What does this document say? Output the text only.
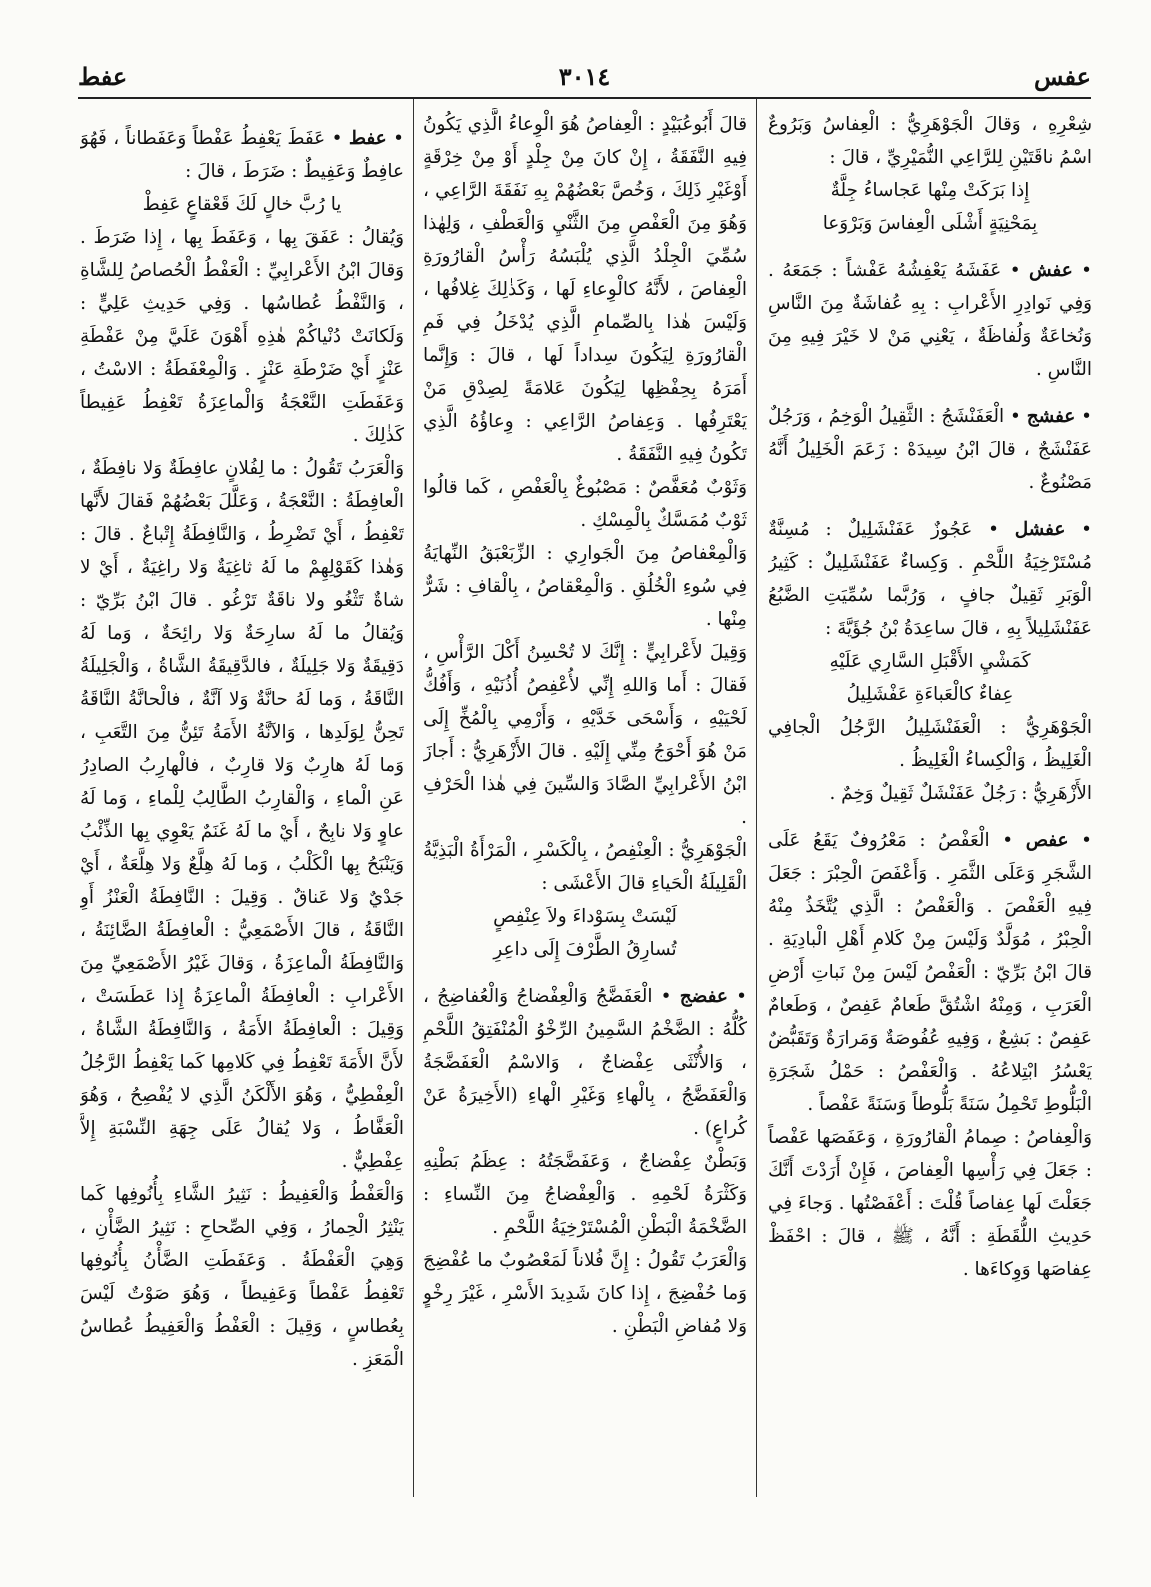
عفس
٣٠١٤
عفط

شِعْرِهِ ، وَقالَ الْجَوْهَرِيُّ : الْعِفاسُ وَبَرُوعٌ اسْمُ ناقَتَيْنِ لِلرَّاعِي النُّمَيْرِيِّ ، قالَ :

إِذا بَرَكَتْ مِنْها عَجاساءُ جِلَّةٌ

بِمَحْنِيَةٍ أَشْلَى الْعِفاسَ وَبَرْوَعا

• عفش • عَفَشَهُ يَعْفِشُهُ عَفْشاً : جَمَعَهُ . وَفِي نَوادِرِ الأَعْرابِ : بِهِ عُفاشَةٌ مِنَ النَّاسِ وَنُخاعَةٌ وَلُفاظَةٌ ، يَعْنِي مَنْ لا خَيْرَ فِيهِ مِنَ النَّاسِ .

• عفشج • الْعَفَنْشَجُ : الثَّقِيلُ الْوَخِمُ ، وَرَجُلٌ عَفَنْشَجٌ ، قالَ ابْنُ سِيدَهْ : زَعَمَ الْخَلِيلُ أَنَّهُ مَصْنُوعٌ .

• عفشل • عَجُوزٌ عَفَنْشَلِيلٌ : مُسِنَّةٌ مُسْتَرْخِيَةُ اللَّحْمِ . وَكِساءٌ عَفَنْشَلِيلٌ : كَثِيرُ الْوَبَرِ ثَقِيلٌ جافٍ ، وَرُبَّما سُمِّيَتِ الضَّبُعُ عَفَنْشَلِيلاً بِهِ ، قالَ ساعِدَةُ بْنُ جُؤَيَّةَ :

كَمَشْيِ الأَقْبَلِ السَّارِي عَلَيْهِ

عِفاءٌ كالْعَباءَةِ عَفْشَلِيلُ

الْجَوْهَرِيُّ : الْعَفَنْشَلِيلُ الرَّجُلُ الْجافِي الْغَلِيظُ ، وَالْكِساءُ الْغَلِيظُ .

الأَزْهَرِيُّ : رَجُلٌ عَفَنْشَلٌ ثَقِيلٌ وَخِمٌ .

• عفص • الْعَفْصُ : مَعْرُوفٌ يَقَعُ عَلَى الشَّجَرِ وَعَلَى الثَّمَرِ . وَأَعْفَصَ الْحِبْرَ : جَعَلَ فِيهِ الْعَفْصَ . وَالْعَفْصُ : الَّذِي يُتَّخَذُ مِنْهُ الْحِبْرُ ، مُوَلَّدٌ وَلَيْسَ مِنْ كَلامِ أَهْلِ الْبادِيَةِ . قالَ ابْنُ بَرِّيّ : الْعَفْصُ لَيْسَ مِنْ نَباتِ أَرْضِ الْعَرَبِ ، وَمِنْهُ اشْتُقَّ طَعامٌ عَفِصٌ ، وَطَعامٌ عَفِصٌ : بَشِعٌ ، وَفِيهِ عُفُوصَةٌ وَمَرارَةٌ وَتَقَبُّضٌ يَعْسُرُ ابْتِلاعُهُ . وَالْعَفْصُ : حَمْلُ شَجَرَةِ الْبَلُّوطِ تَحْمِلُ سَنَةً بَلُّوطاً وَسَنَةً عَفْصاً .

وَالْعِفاصُ : صِمامُ الْقارُورَةِ ، وَعَفَصَها عَفْصاً : جَعَلَ فِي رَأْسِها الْعِفاصَ ، فَإِنْ أَرَدْتَ أَنَّكَ جَعَلْتَ لَها عِفاصاً قُلْتَ : أَعْفَصْتُها . وَجاءَ فِي حَدِيثِ اللُّقَطَةِ : أَنَّهُ ، ﷺ ، قالَ : احْفَظْ عِفاصَها وَوِكاءَها .

قالَ أَبُوعُبَيْدٍ : الْعِفاصُ هُوَ الْوِعاءُ الَّذِي يَكُونُ فِيهِ النَّفَقَةُ ، إِنْ كانَ مِنْ جِلْدٍ أَوْ مِنْ خِرْقَةٍ أَوْغَيْرِ ذَلِكَ ، وَخُصَّ بَعْضُهُمْ بِهِ نَفَقَةَ الرَّاعِي ، وَهُوَ مِنَ الْعَفْصِ مِنَ الثَّنْيِ وَالْعَطْفِ ، وَلِهٰذا سُمِّيَ الْجِلْدُ الَّذِي يُلْبَسُهُ رَأْسُ الْقارُورَةِ الْعِفاصَ ، لأَنَّهُ كالْوِعاءِ لَها ، وَكَذٰلِكَ غِلافُها ، وَلَيْسَ هٰذا بِالصِّمامِ الَّذِي يُدْخَلُ فِي فَمِ الْقارُورَةِ لِيَكُونَ سِداداً لَها ، قالَ : وَإِنَّما أَمَرَهُ بِحِفْظِها لِيَكُونَ عَلامَةً لِصِدْقِ مَنْ يَعْتَرِفُها . وَعِفاصُ الرَّاعِي : وِعاؤُهُ الَّذِي تَكُونُ فِيهِ النَّفَقَةُ .

وَثَوْبٌ مُعَفَّصٌ : مَصْبُوغٌ بِالْعَفْصِ ، كَما قالُوا ثَوْبٌ مُمَسَّكٌ بِالْمِسْكِ .

وَالْمِعْفاصُ مِنَ الْجَوارِي : الزِّبَعْبَقُ النِّهايَةُ فِي سُوءِ الْخُلُقِ . وَالْمِعْقاصُ ، بِالْقافِ : شَرٌّ مِنْها .

وَقِيلَ لأَعْرابِيٍّ : إِنَّكَ لا تُحْسِنُ أَكْلَ الرَّأْسِ ، فَقالَ : أَما وَاللهِ إِنِّي لأُعْفِصُ أُذُنَيْهِ ، وَأَفُكُّ لَحْيَيْهِ ، وَأَسْحَى خَدَّيْهِ ، وَأَرْمِي بِالْمُخِّ إِلَى مَنْ هُوَ أَحْوَجُ مِنِّي إِلَيْهِ . قالَ الأَزْهَرِيُّ : أَجازَ ابْنُ الأَعْرابِيِّ الصَّادَ وَالسِّينَ فِي هٰذا الْحَرْفِ .

الْجَوْهَرِيُّ : الْعِنْفِصُ ، بِالْكَسْرِ ، الْمَرْأَةُ الْبَذِيَّةُ الْقَلِيلَةُ الْحَياءِ قالَ الأَعْشَى :

لَيْسَتْ بِسَوْداءَ ولاَ عِنْفِصٍ

تُسارِقُ الطَّرْفَ إِلَى داعِرِ

• عفضج • الْعَفَضَّجُ وَالْعِفْضاجُ وَالْعُفاضِجُ ، كُلُّهُ : الضَّخْمُ السَّمِينُ الرِّخْوُ الْمُنْفَتِقُ اللَّحْمِ ، وَالأُنْثَى عِفْضاجٌ ، وَالاسْمُ الْعَفَضَّجَةُ وَالْعَفَضَّجُ ، بِالْهاءِ وَغَيْرِ الْهاءِ (الأَخِيرَةُ عَنْ كُراعٍ) .

وَبَطْنٌ عِفْضاجٌ ، وَعَفَضَّجَتُهُ : عِظَمُ بَطْنِهِ وَكَثْرَةُ لَحْمِهِ . وَالْعِفْضاجُ مِنَ النِّساءِ : الضَّخْمَةُ الْبَطْنِ الْمُسْتَرْخِيَةُ اللَّحْمِ .

وَالْعَرَبُ تَقُولُ : إِنَّ فُلاناً لَمَعْصُوبٌ ما عُفْضِجَ وَما حُفْضِجَ ، إِذا كانَ شَدِيدَ الأَسْرِ ، غَيْرَ رِخْوٍ وَلا مُفاضِ الْبَطْنِ .

• عفط • عَفَطَ يَعْفِطُ عَفْطاً وَعَفَطاناً ، فَهُوَ عافِطٌ وَعَفِيطٌ : ضَرَطَ ، قالَ :

يا رُبَّ خالٍ لَكَ قَعْقاعٍ عَفِطْ

وَيُقالُ : عَفَقَ بِها ، وَعَفَطَ بِها ، إِذا ضَرَطَ . وَقالَ ابْنُ الأَعْرابِيِّ : الْعَفْطُ الْحُصاصُ لِلشَّاةِ ، وَالنَّفْطُ عُطاسُها . وَفِي حَدِيثِ عَلِيٍّ : وَلَكانَتْ دُنْياكُمْ هٰذِهِ أَهْوَنَ عَلَيَّ مِنْ عَفْطَةِ عَنْزٍ أَيْ ضَرْطَةِ عَنْزٍ . وَالْمِعْفَطَةُ : الاسْتُ ، وَعَفَطَتِ النَّعْجَةُ وَالْماعِزَةُ تَعْفِطُ عَفِيطاً كَذٰلِكَ .

وَالْعَرَبُ تَقُولُ : ما لِفُلانٍ عافِطَةٌ وَلا نافِطَةٌ ، الْعافِطَةُ : النَّعْجَةُ ، وَعَلَّلَ بَعْضُهُمْ فَقالَ لأَنَّها تَعْفِطُ ، أَيْ تَضْرِطُ ، وَالنَّافِطَةُ إِتْباعٌ . قالَ : وَهٰذا كَقَوْلِهِمْ ما لَهُ ثاغِيَةٌ وَلا راغِيَةٌ ، أَيْ لا شاةٌ تَثْغُو ولا ناقَةٌ تَرْغُو . قالَ ابْنُ بَرِّيّ : وَيُقالُ ما لَهُ سارِحَةٌ وَلا رائِحَةٌ ، وَما لَهُ دَقِيقَةٌ وَلا جَلِيلَةٌ ، فالدَّقِيقَةُ الشَّاةُ ، وَالْجَلِيلَةُ النَّاقَةُ ، وَما لَهُ حانَّةٌ وَلا آنَّةٌ ، فالْحانَّةُ النَّاقَةُ تَحِنُّ لِوَلَدِها ، وَالآنَّةُ الأَمَةُ تَئِنُّ مِنَ التَّعَبِ ، وَما لَهُ هارِبٌ وَلا قارِبٌ ، فالْهارِبُ الصادِرُ عَنِ الْماءِ ، وَالْقارِبُ الطَّالِبُ لِلْماءِ ، وَما لَهُ عاوٍ وَلا نابِحٌ ، أَيْ ما لَهُ غَنَمٌ يَعْوِي بِها الذِّئْبُ وَيَنْبَحُ بِها الْكَلْبُ ، وَما لَهُ هِلَّعٌ وَلا هِلَّعَةٌ ، أَيْ جَدْيٌ وَلا عَناقٌ . وَقِيلَ : النَّافِطَةُ الْعَنْزُ أَوِ النَّاقَةُ ، قالَ الأَصْمَعِيُّ : الْعافِطَةُ الضَّائِنَةُ ، وَالنَّافِطَةُ الْماعِزَةُ ، وَقالَ غَيْرُ الأَصْمَعِيِّ مِنَ الأَعْرابِ : الْعافِطَةُ الْماعِزَةُ إِذا عَطَسَتْ ، وَقِيلَ : الْعافِطَةُ الأَمَةُ ، وَالنَّافِطَةُ الشَّاةُ ، لأَنَّ الأَمَةَ تَعْفِطُ فِي كَلامِها كَما يَعْفِطُ الرَّجُلُ الْعِفْطِيُّ ، وَهُوَ الأَلْكَنُ الَّذِي لا يُفْصِحُ ، وَهُوَ الْعَفَّاطُ ، وَلا يُقالُ عَلَى جِهَةِ النِّسْبَةِ إِلاَّ عِفْطِيٌّ .

وَالْعَفْطُ وَالْعَفِيطُ : نَثِيرُ الشَّاءِ بِأُنُوفِها كَما يَنْثِرُ الْحِمارُ ، وَفِي الصِّحاحِ : نَثِيرُ الضَّأْنِ ، وَهِيَ الْعَفْطَةُ . وَعَفَطَتِ الضَّأْنُ بِأُنُوفِها تَعْفِطُ عَفْطاً وَعَفِيطاً ، وَهُوَ صَوْتٌ لَيْسَ بِعُطاسٍ ، وَقِيلَ : الْعَفْطُ وَالْعَفِيطُ عُطاسُ الْمَعَزِ .
